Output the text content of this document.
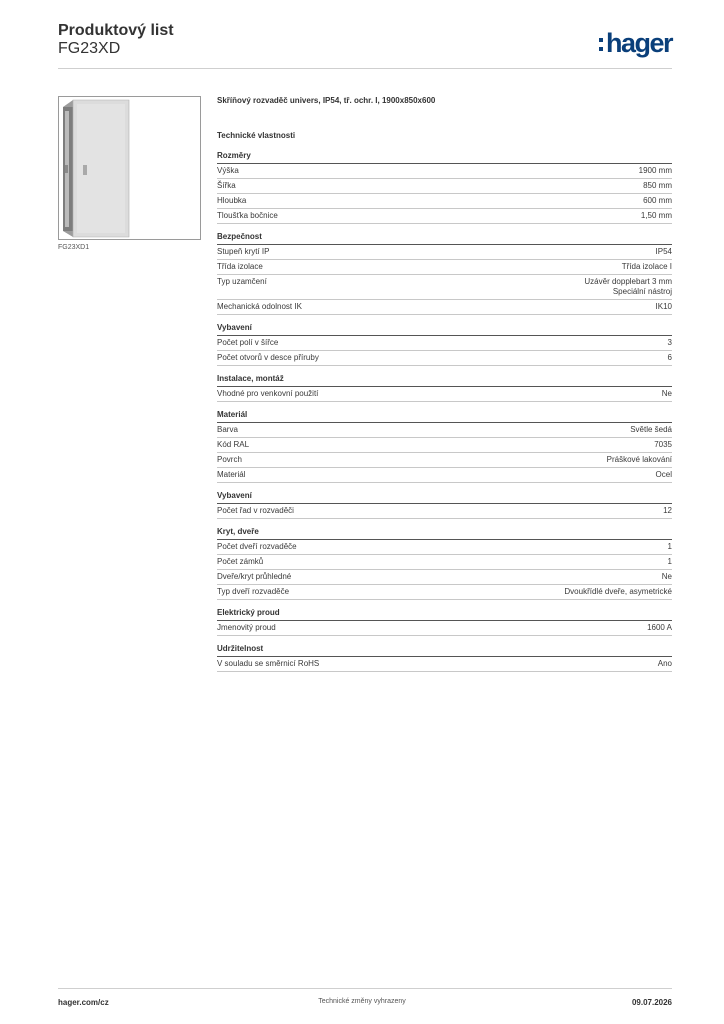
Produktový list
FG23XD	hager
FG23XD1
Skříňový rozvaděč univers, IP54, tř. ochr. I, 1900x850x600
Technické vlastnosti
Rozměry
Výška	1900 mm
Šířka	850 mm
Hloubka	600 mm
Tloušťka bočnice	1,50 mm
Bezpečnost
Stupeň krytí IP	IP54
Třída izolace	Třída izolace I
Typ uzamčení	Uzávěr dopplebart 3 mm
Speciální nástroj
Mechanická odolnost IK	IK10
Vybavení
Počet polí v šířce	3
Počet otvorů v desce příruby	6
Instalace, montáž
Vhodné pro venkovní použití	Ne
Materiál
Barva	Světle šedá
Kód RAL	7035
Povrch	Práškové lakování
Materiál	Ocel
Vybavení
Počet řad v rozvaděči	12
Kryt, dveře
Počet dveří rozvaděče	1
Počet zámků	1
Dveře/kryt průhledné	Ne
Typ dveří rozvaděče	Dvoukřídlé dveře, asymetrické
Elektrický proud
Jmenovitý proud	1600 A
Udržitelnost
V souladu se směrnicí RoHS	Ano
hager.com/cz	Technické změny vyhrazeny	09.07.2026
